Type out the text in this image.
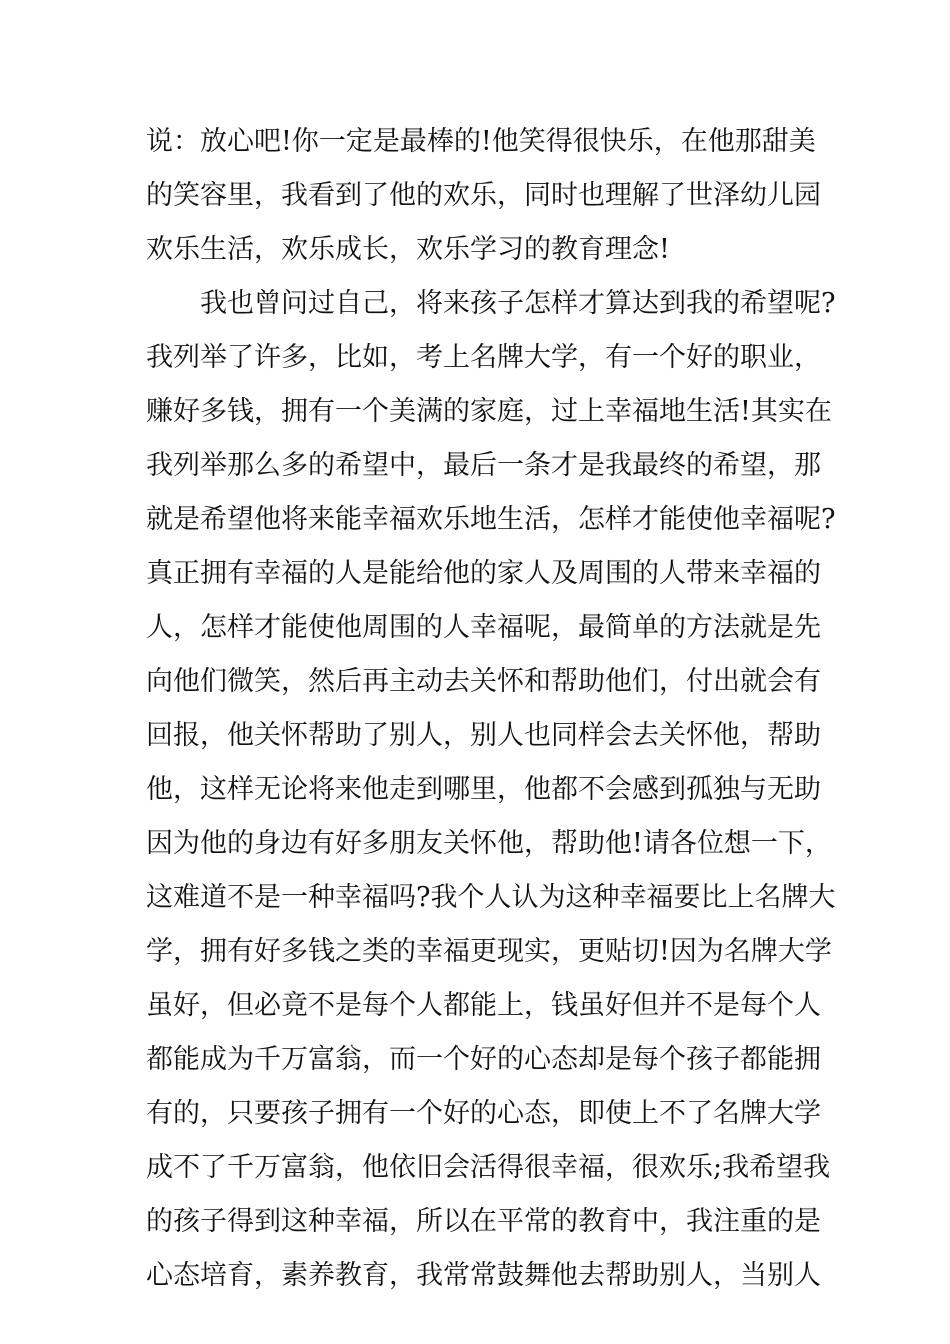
说：放心吧!你一定是最棒的!他笑得很快乐，在他那甜美
的笑容里，我看到了他的欢乐，同时也理解了世泽幼儿园
欢乐生活，欢乐成长，欢乐学习的教育理念!
我也曾问过自己，将来孩子怎样才算达到我的希望呢?
我列举了许多，比如，考上名牌大学，有一个好的职业，
赚好多钱，拥有一个美满的家庭，过上幸福地生活!其实在
我列举那么多的希望中，最后一条才是我最终的希望，那
就是希望他将来能幸福欢乐地生活，怎样才能使他幸福呢?
真正拥有幸福的人是能给他的家人及周围的人带来幸福的
人，怎样才能使他周围的人幸福呢，最简单的方法就是先
向他们微笑，然后再主动去关怀和帮助他们，付出就会有
回报，他关怀帮助了别人，别人也同样会去关怀他，帮助
他，这样无论将来他走到哪里，他都不会感到孤独与无助
因为他的身边有好多朋友关怀他，帮助他!请各位想一下，
这难道不是一种幸福吗?我个人认为这种幸福要比上名牌大
学，拥有好多钱之类的幸福更现实，更贴切!因为名牌大学
虽好，但必竟不是每个人都能上，钱虽好但并不是每个人
都能成为千万富翁，而一个好的心态却是每个孩子都能拥
有的，只要孩子拥有一个好的心态，即使上不了名牌大学
成不了千万富翁，他依旧会活得很幸福，很欢乐;我希望我
的孩子得到这种幸福，所以在平常的教育中，我注重的是
心态培育，素养教育，我常常鼓舞他去帮助别人，当别人
